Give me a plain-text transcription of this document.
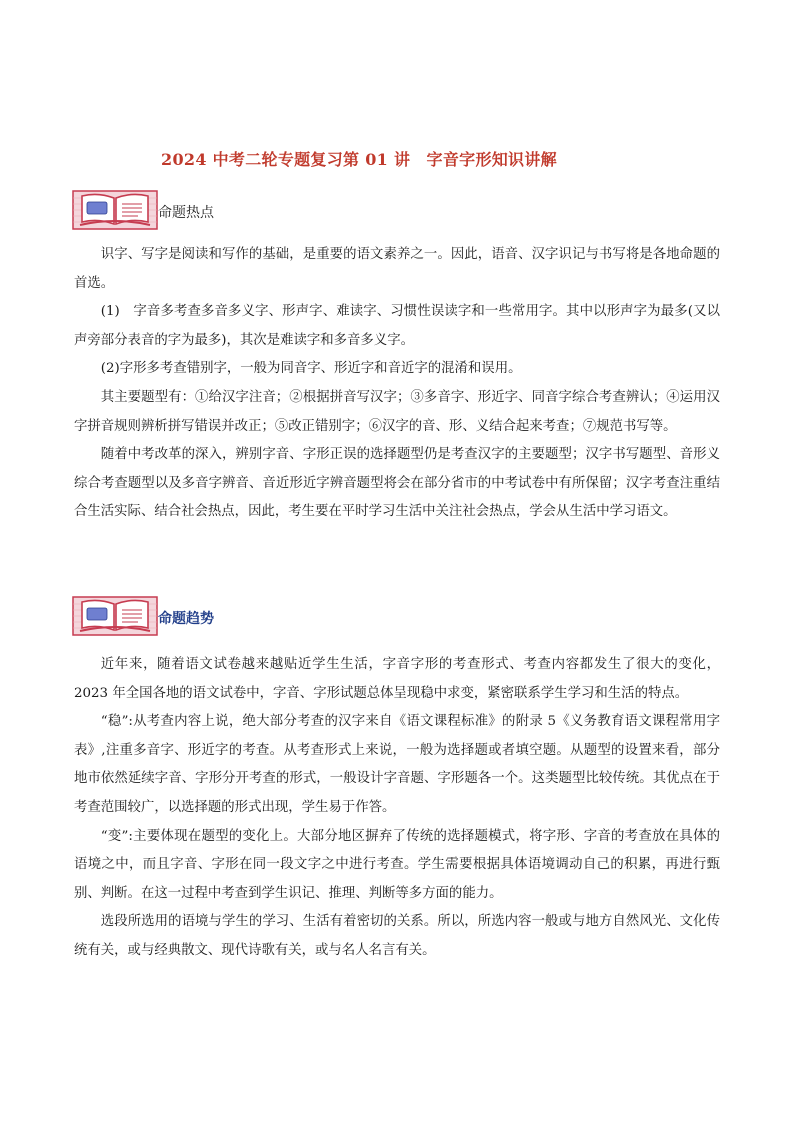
2024 中考二轮专题复习第 01 讲　字音字形知识讲解
命题热点

识字、写字是阅读和写作的基础，是重要的语文素养之一。因此，语音、汉字识记与书写将是各地命题的首选。

(1)　字音多考查多音多义字、形声字、难读字、习惯性误读字和一些常用字。其中以形声字为最多(又以声旁部分表音的字为最多)，其次是难读字和多音多义字。

(2)字形多考查错别字，一般为同音字、形近字和音近字的混淆和误用。

其主要题型有：①给汉字注音；②根据拼音写汉字；③多音字、形近字、同音字综合考查辨认；④运用汉字拼音规则辨析拼写错误并改正；⑤改正错别字；⑥汉字的音、形、义结合起来考查；⑦规范书写等。

随着中考改革的深入，辨别字音、字形正误的选择题型仍是考查汉字的主要题型；汉字书写题型、音形义综合考查题型以及多音字辨音、音近形近字辨音题型将会在部分省市的中考试卷中有所保留；汉字考查注重结合生活实际、结合社会热点，因此，考生要在平时学习生活中关注社会热点，学会从生活中学习语文。

命题趋势

近年来，随着语文试卷越来越贴近学生生活，字音字形的考查形式、考查内容都发生了很大的变化，2023 年全国各地的语文试卷中，字音、字形试题总体呈现稳中求变，紧密联系学生学习和生活的特点。

“稳”:从考查内容上说，绝大部分考查的汉字来自《语文课程标准》的附录 5《义务教育语文课程常用字表》,注重多音字、形近字的考查。从考查形式上来说，一般为选择题或者填空题。从题型的设置来看，部分地市依然延续字音、字形分开考查的形式，一般设计字音题、字形题各一个。这类题型比较传统。其优点在于考查范围较广，以选择题的形式出现，学生易于作答。

“变”:主要体现在题型的变化上。大部分地区摒弃了传统的选择题模式，将字形、字音的考查放在具体的语境之中，而且字音、字形在同一段文字之中进行考查。学生需要根据具体语境调动自己的积累，再进行甄别、判断。在这一过程中考查到学生识记、推理、判断等多方面的能力。

选段所选用的语境与学生的学习、生活有着密切的关系。所以，所选内容一般或与地方自然风光、文化传统有关，或与经典散文、现代诗歌有关，或与名人名言有关。
